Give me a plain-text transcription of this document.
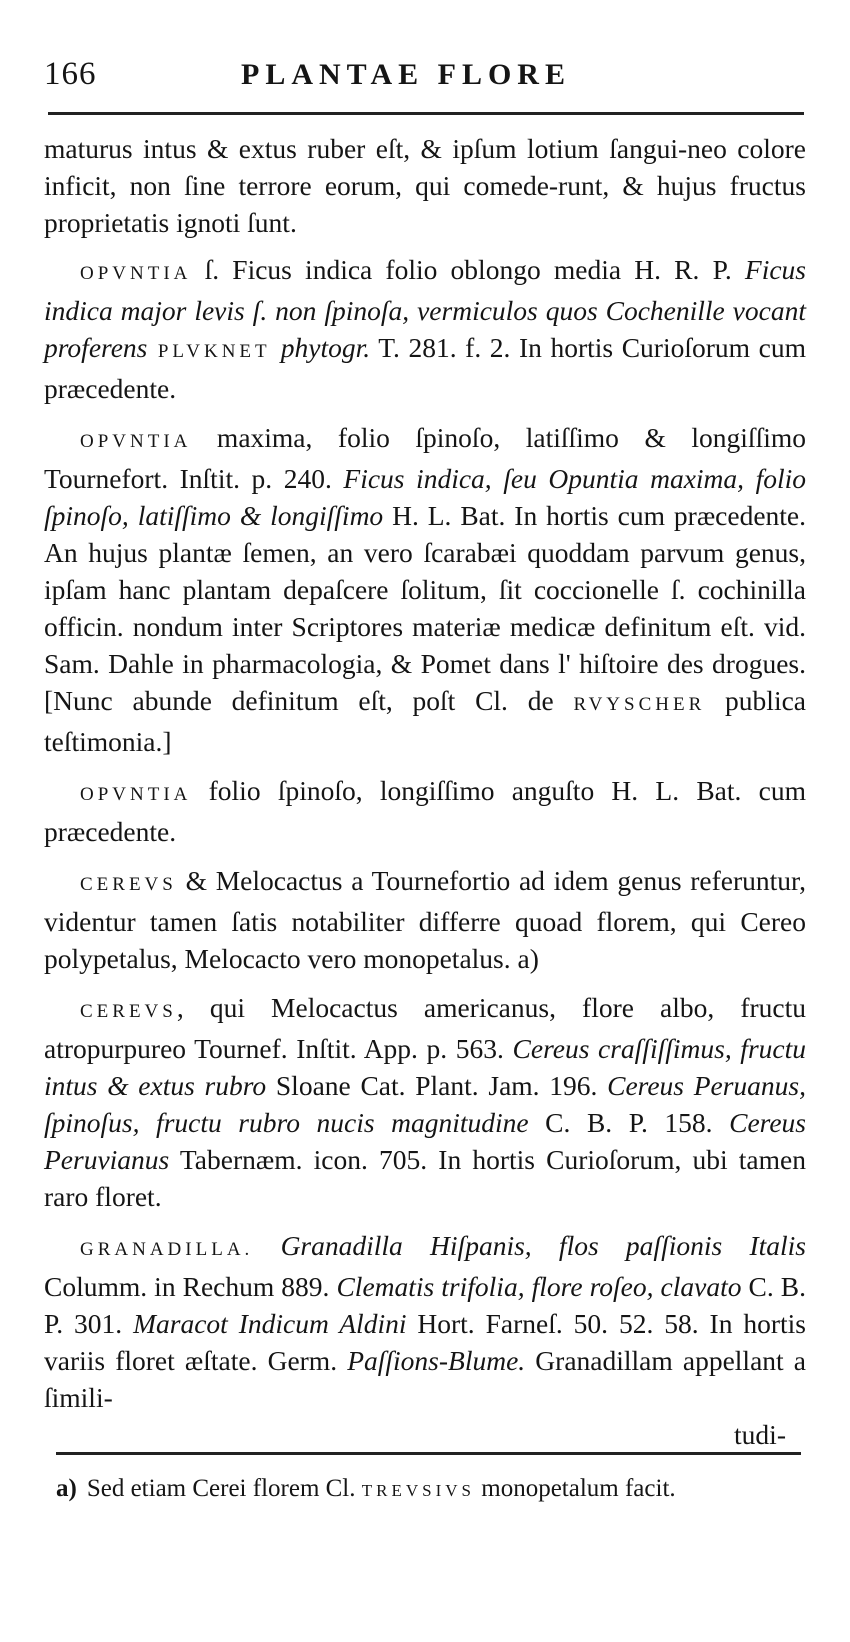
166	PLANTAE FLORE

maturus intus & extus ruber eſt, & ipſum lotium ſangui-neo colore inficit, non ſine terrore eorum, qui comede-runt, & hujus fructus proprietatis ignoti ſunt.

OPVNTIA ſ. Ficus indica folio oblongo media H. R. P. Ficus indica major levis ſ. non ſpinoſa, vermiculos quos Cochenille vocant proferens PLVKNET phytogr. T. 281. f. 2. In hortis Curioſorum cum præcedente.

OPVNTIA maxima, folio ſpinoſo, latiſſimo & longiſſimo Tournefort. Inſtit. p. 240. Ficus indica, ſeu Opuntia maxima, folio ſpinoſo, latiſſimo & longiſſimo H. L. Bat. In hortis cum præcedente. An hujus plantæ ſemen, an vero ſcarabæi quoddam parvum genus, ipſam hanc plantam depaſcere ſolitum, ſit coccionelle ſ. cochinilla officin. nondum inter Scriptores materiæ medicæ definitum eſt. vid. Sam. Dahle in pharmacologia, & Pomet dans l' hiſtoire des drogues. [Nunc abunde definitum eſt, poſt Cl. de RVYSCHER publica teſtimonia.]

OPVNTIA folio ſpinoſo, longiſſimo anguſto H. L. Bat. cum præcedente.

CEREVS & Melocactus a Tournefortio ad idem genus referuntur, videntur tamen ſatis notabiliter differre quoad florem, qui Cereo polypetalus, Melocacto vero monopetalus. a)

CEREVS, qui Melocactus americanus, flore albo, fructu atropurpureo Tournef. Inſtit. App. p. 563. Cereus craſſiſſimus, fructu intus & extus rubro Sloane Cat. Plant. Jam. 196. Cereus Peruanus, ſpinoſus, fructu rubro nucis magnitudine C. B. P. 158. Cereus Peruvianus Tabernæm. icon. 705. In hortis Curioſorum, ubi tamen raro floret.

GRANADILLA. Granadilla Hiſpanis, flos paſſionis Italis Columm. in Rechum 889. Clematis trifolia, flore roſeo, clavato C. B. P. 301. Maracot Indicum Aldini Hort. Farneſ. 50. 52. 58. In hortis variis floret æſtate. Germ. Paſſions-Blume. Granadillam appellant a ſimili-
tudi-

a) Sed etiam Cerei florem Cl. TREVSIVS monopetalum facit.
